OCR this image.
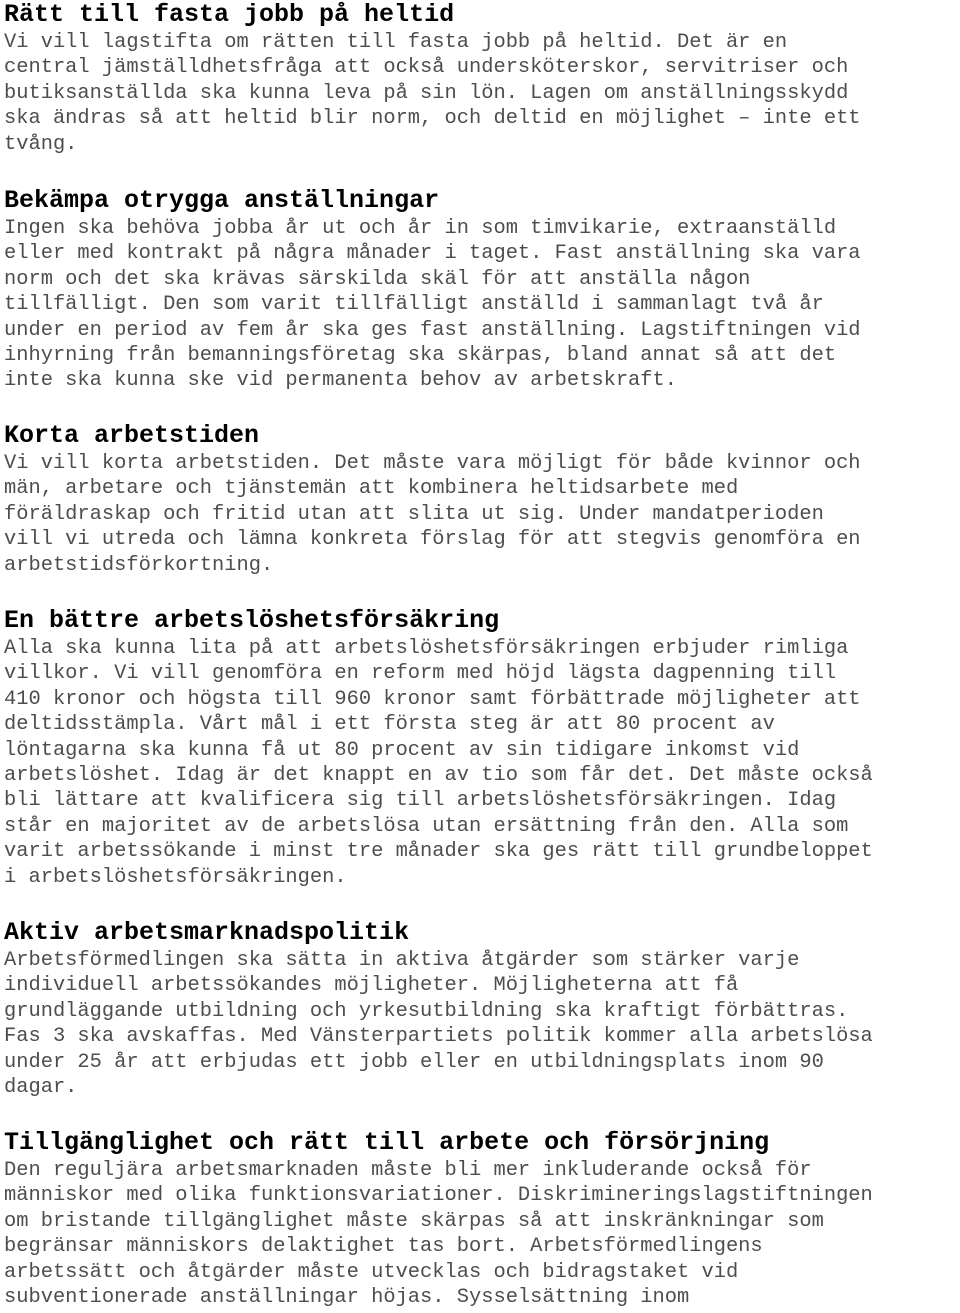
Rätt till fasta jobb på heltid

Vi vill lagstifta om rätten till fasta jobb på heltid. Det är en
central jämställdhetsfråga att också undersköterskor, servitriser och
butiksanställda ska kunna leva på sin lön. Lagen om anställningsskydd
ska ändras så att heltid blir norm, och deltid en möjlighet – inte ett
tvång.

Bekämpa otrygga anställningar

Ingen ska behöva jobba år ut och år in som timvikarie, extraanställd
eller med kontrakt på några månader i taget. Fast anställning ska vara
norm och det ska krävas särskilda skäl för att anställa någon
tillfälligt. Den som varit tillfälligt anställd i sammanlagt två år
under en period av fem år ska ges fast anställning. Lagstiftningen vid
inhyrning från bemanningsföretag ska skärpas, bland annat så att det
inte ska kunna ske vid permanenta behov av arbetskraft.

Korta arbetstiden

Vi vill korta arbetstiden. Det måste vara möjligt för både kvinnor och
män, arbetare och tjänstemän att kombinera heltidsarbete med
föräldraskap och fritid utan att slita ut sig. Under mandatperioden
vill vi utreda och lämna konkreta förslag för att stegvis genomföra en
arbetstidsförkortning.

En bättre arbetslöshetsförsäkring

Alla ska kunna lita på att arbetslöshetsförsäkringen erbjuder rimliga
villkor. Vi vill genomföra en reform med höjd lägsta dagpenning till
410 kronor och högsta till 960 kronor samt förbättrade möjligheter att
deltidsstämpla. Vårt mål i ett första steg är att 80 procent av
löntagarna ska kunna få ut 80 procent av sin tidigare inkomst vid
arbetslöshet. Idag är det knappt en av tio som får det. Det måste också
bli lättare att kvalificera sig till arbetslöshetsförsäkringen. Idag
står en majoritet av de arbetslösa utan ersättning från den. Alla som
varit arbetssökande i minst tre månader ska ges rätt till grundbeloppet
i arbetslöshetsförsäkringen.

Aktiv arbetsmarknadspolitik

Arbetsförmedlingen ska sätta in aktiva åtgärder som stärker varje
individuell arbetssökandes möjligheter. Möjligheterna att få
grundläggande utbildning och yrkesutbildning ska kraftigt förbättras.
Fas 3 ska avskaffas. Med Vänsterpartiets politik kommer alla arbetslösa
under 25 år att erbjudas ett jobb eller en utbildningsplats inom 90
dagar.

Tillgänglighet och rätt till arbete och försörjning

Den reguljära arbetsmarknaden måste bli mer inkluderande också för
människor med olika funktionsvariationer. Diskrimineringslagstiftningen
om bristande tillgänglighet måste skärpas så att inskränkningar som
begränsar människors delaktighet tas bort. Arbetsförmedlingens
arbetssätt och åtgärder måste utvecklas och bidragstaket vid
subventionerade anställningar höjas. Sysselsättning inom
